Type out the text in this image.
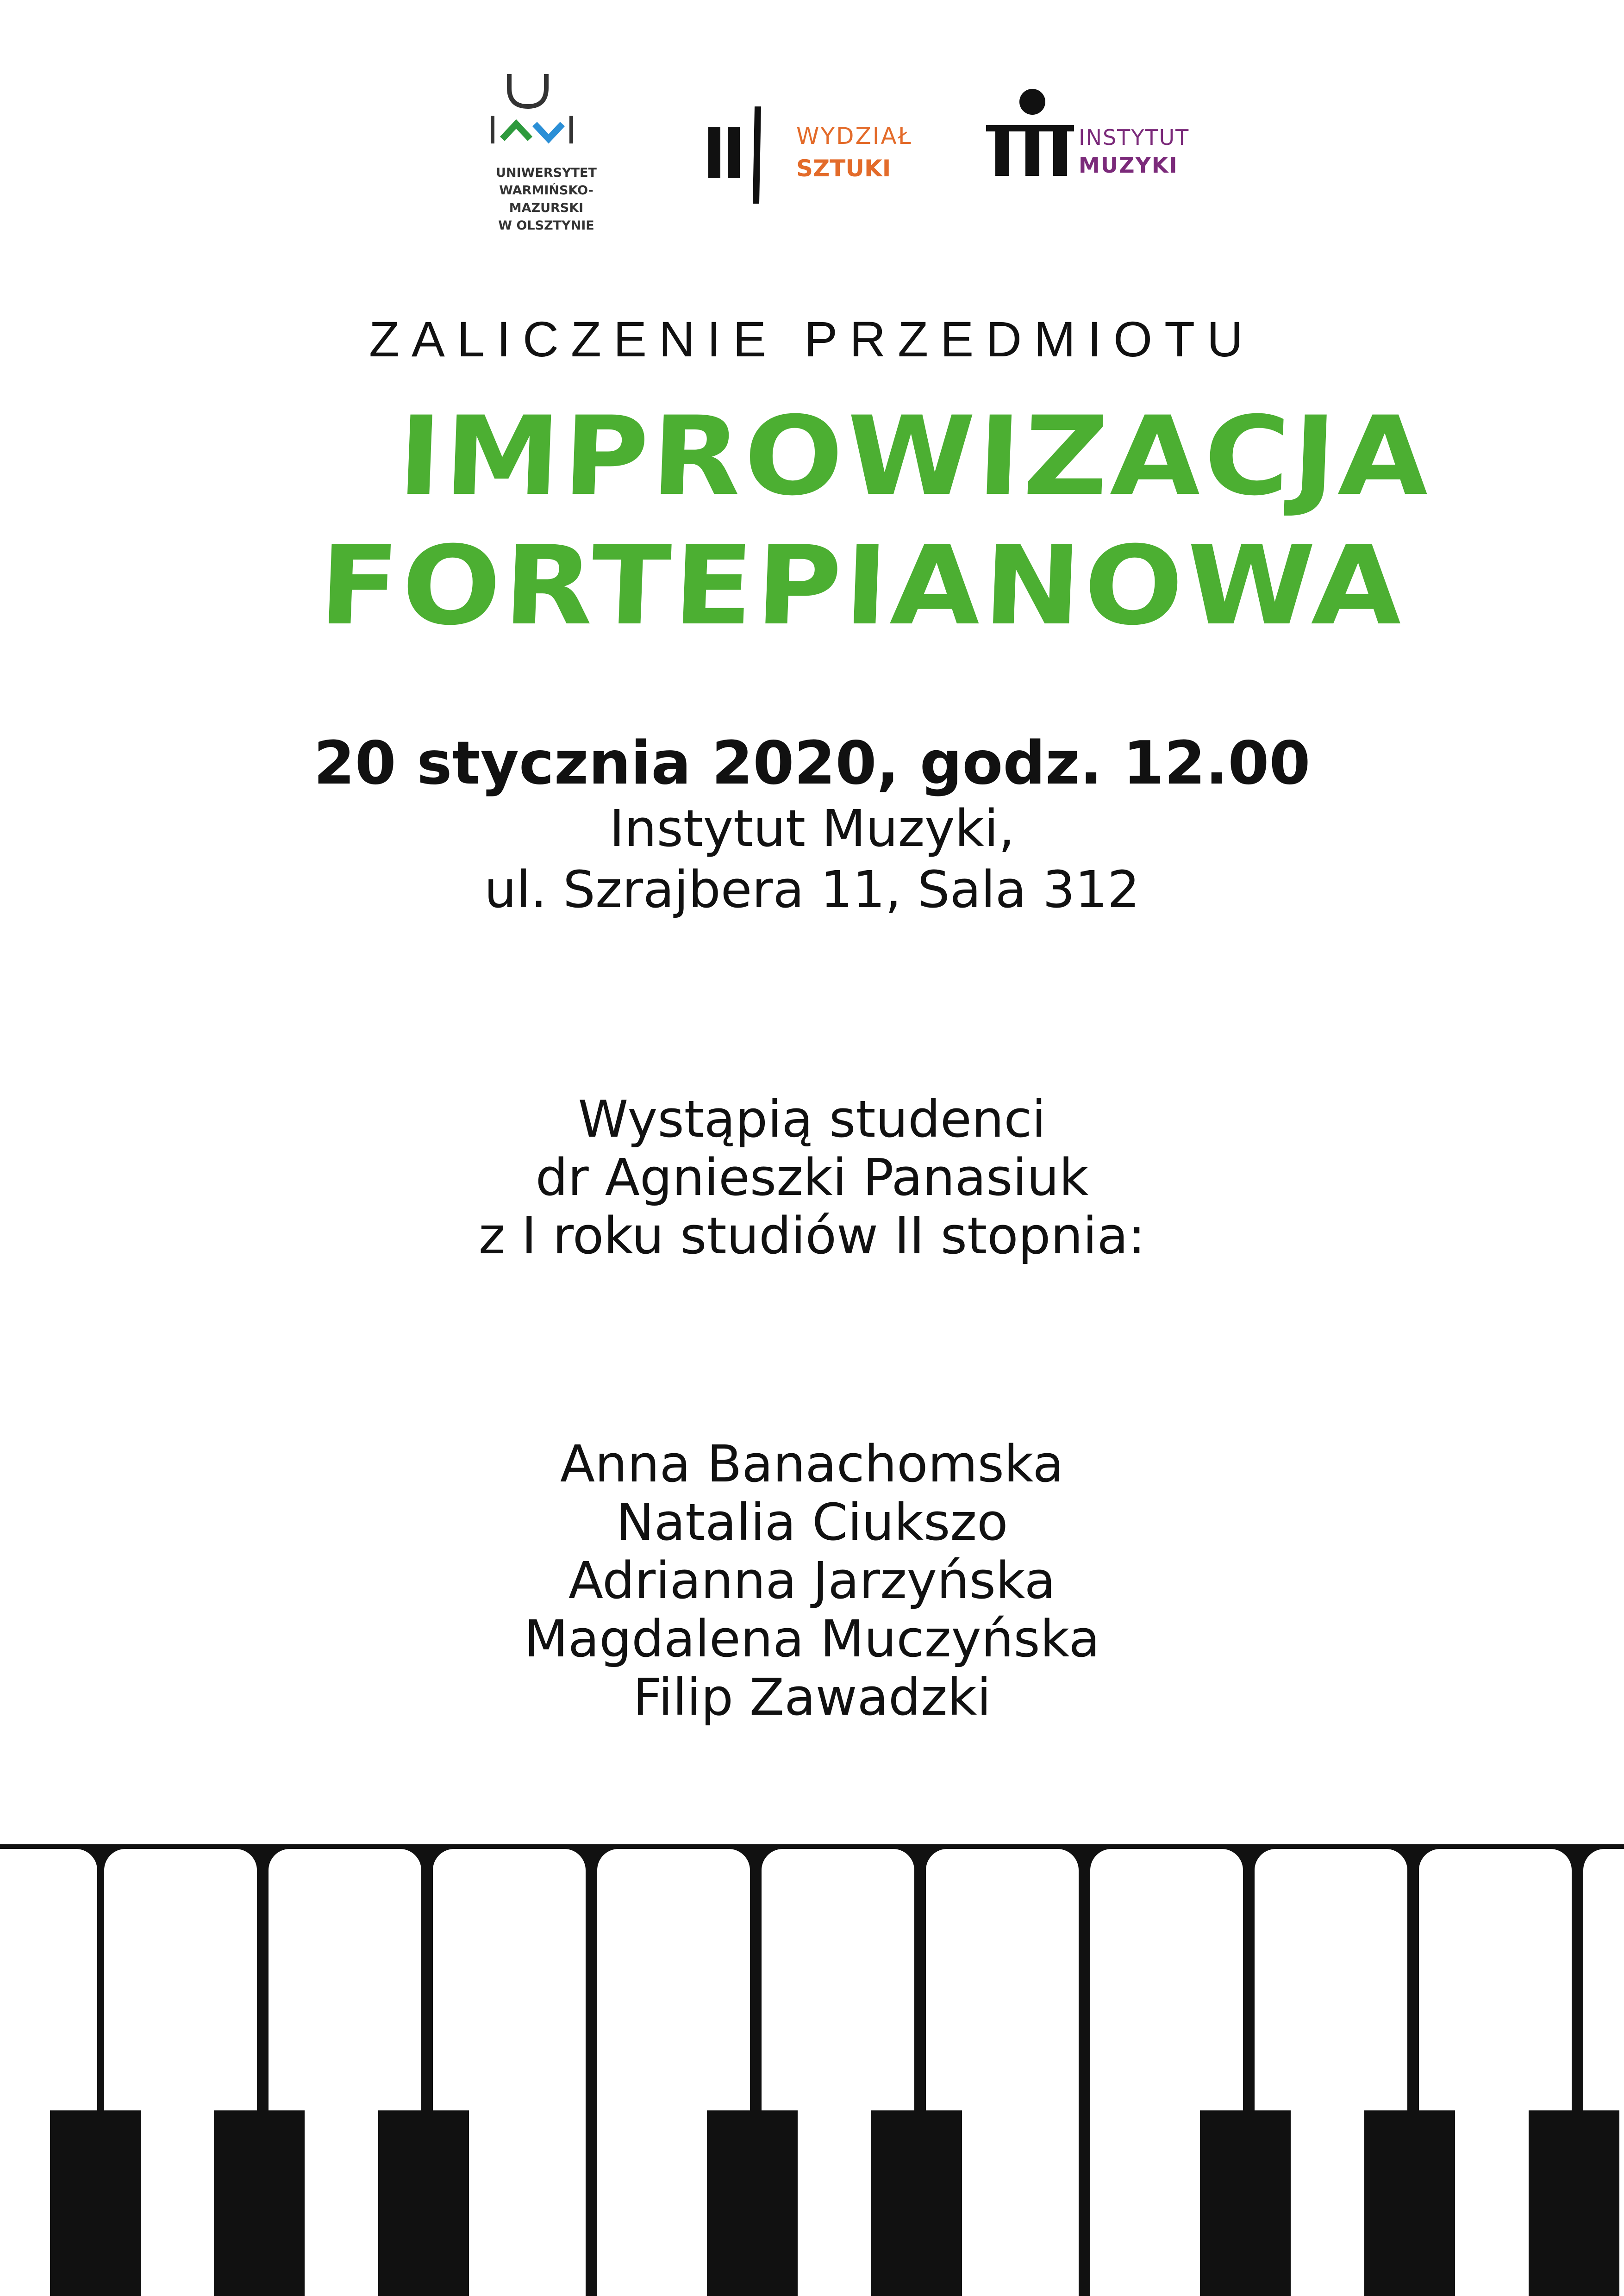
UNIWERSYTET
WARMIŃSKO-MAZURSKI
W OLSZTYNIE
WYDZIAŁ
SZTUKI
INSTYTUT
MUZYKI
ZALICZENIE PRZEDMIOTU
IMPROWIZACJA
FORTEPIANOWA
20 stycznia 2020, godz. 12.00
Instytut Muzyki,
ul. Szrajbera 11, Sala 312
Wystąpią studenci
dr Agnieszki Panasiuk
z I roku studiów II stopnia:
Anna Banachomska
Natalia Ciukszo
Adrianna Jarzyńska
Magdalena Muczyńska
Filip Zawadzki
